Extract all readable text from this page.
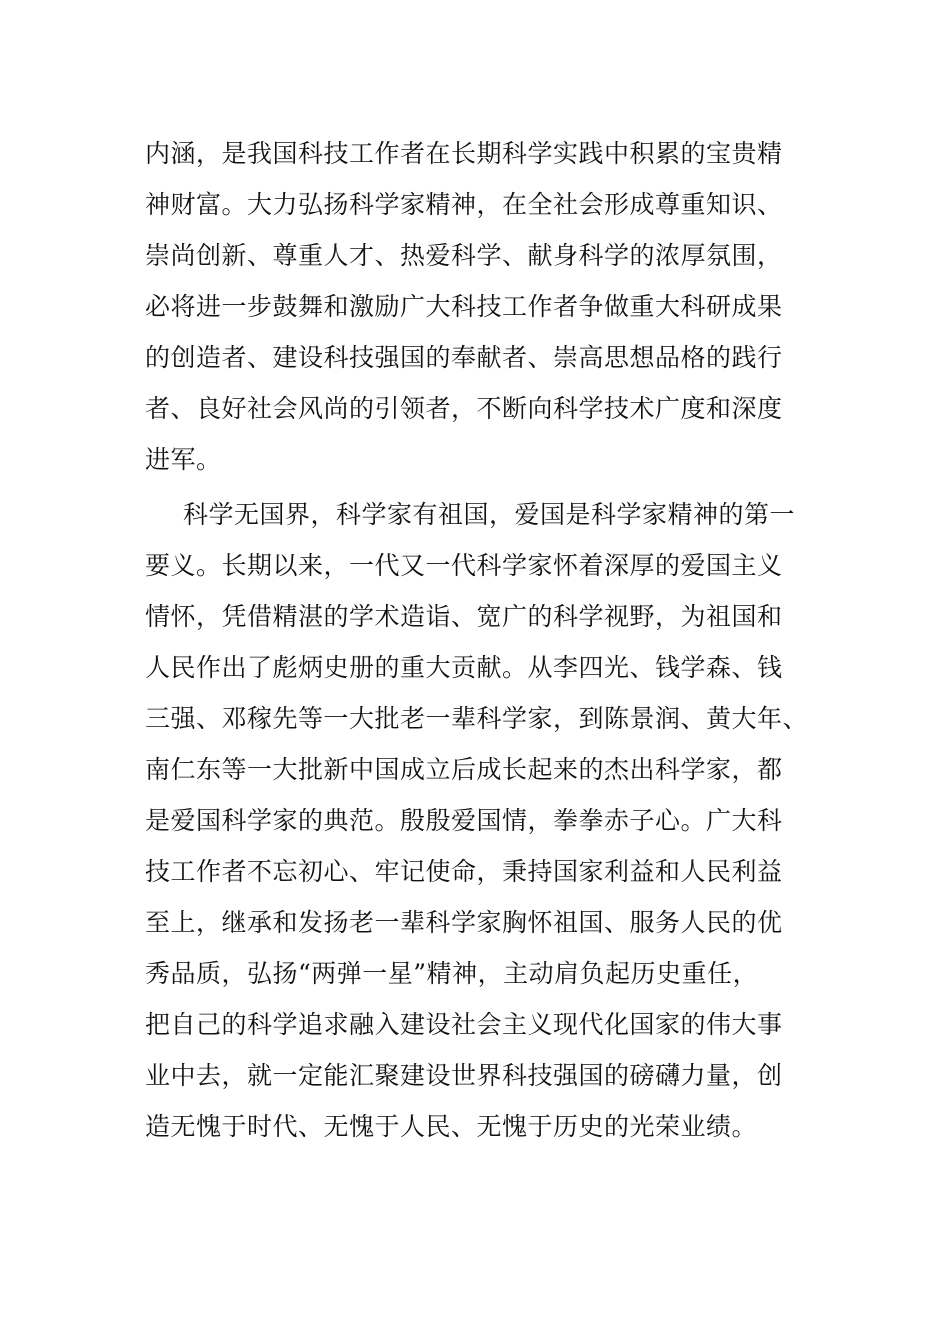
内涵，是我国科技工作者在长期科学实践中积累的宝贵精

神财富。大力弘扬科学家精神，在全社会形成尊重知识、

崇尚创新、尊重人才、热爱科学、献身科学的浓厚氛围，

必将进一步鼓舞和激励广大科技工作者争做重大科研成果

的创造者、建设科技强国的奉献者、崇高思想品格的践行

者、良好社会风尚的引领者，不断向科学技术广度和深度

进军。

科学无国界，科学家有祖国，爱国是科学家精神的第一

要义。长期以来，一代又一代科学家怀着深厚的爱国主义

情怀，凭借精湛的学术造诣、宽广的科学视野，为祖国和

人民作出了彪炳史册的重大贡献。从李四光、钱学森、钱

三强、邓稼先等一大批老一辈科学家，到陈景润、黄大年、

南仁东等一大批新中国成立后成长起来的杰出科学家，都

是爱国科学家的典范。殷殷爱国情，拳拳赤子心。广大科

技工作者不忘初心、牢记使命，秉持国家利益和人民利益

至上，继承和发扬老一辈科学家胸怀祖国、服务人民的优

秀品质，弘扬“两弹一星”精神，主动肩负起历史重任，

把自己的科学追求融入建设社会主义现代化国家的伟大事

业中去，就一定能汇聚建设世界科技强国的磅礴力量，创

造无愧于时代、无愧于人民、无愧于历史的光荣业绩。
